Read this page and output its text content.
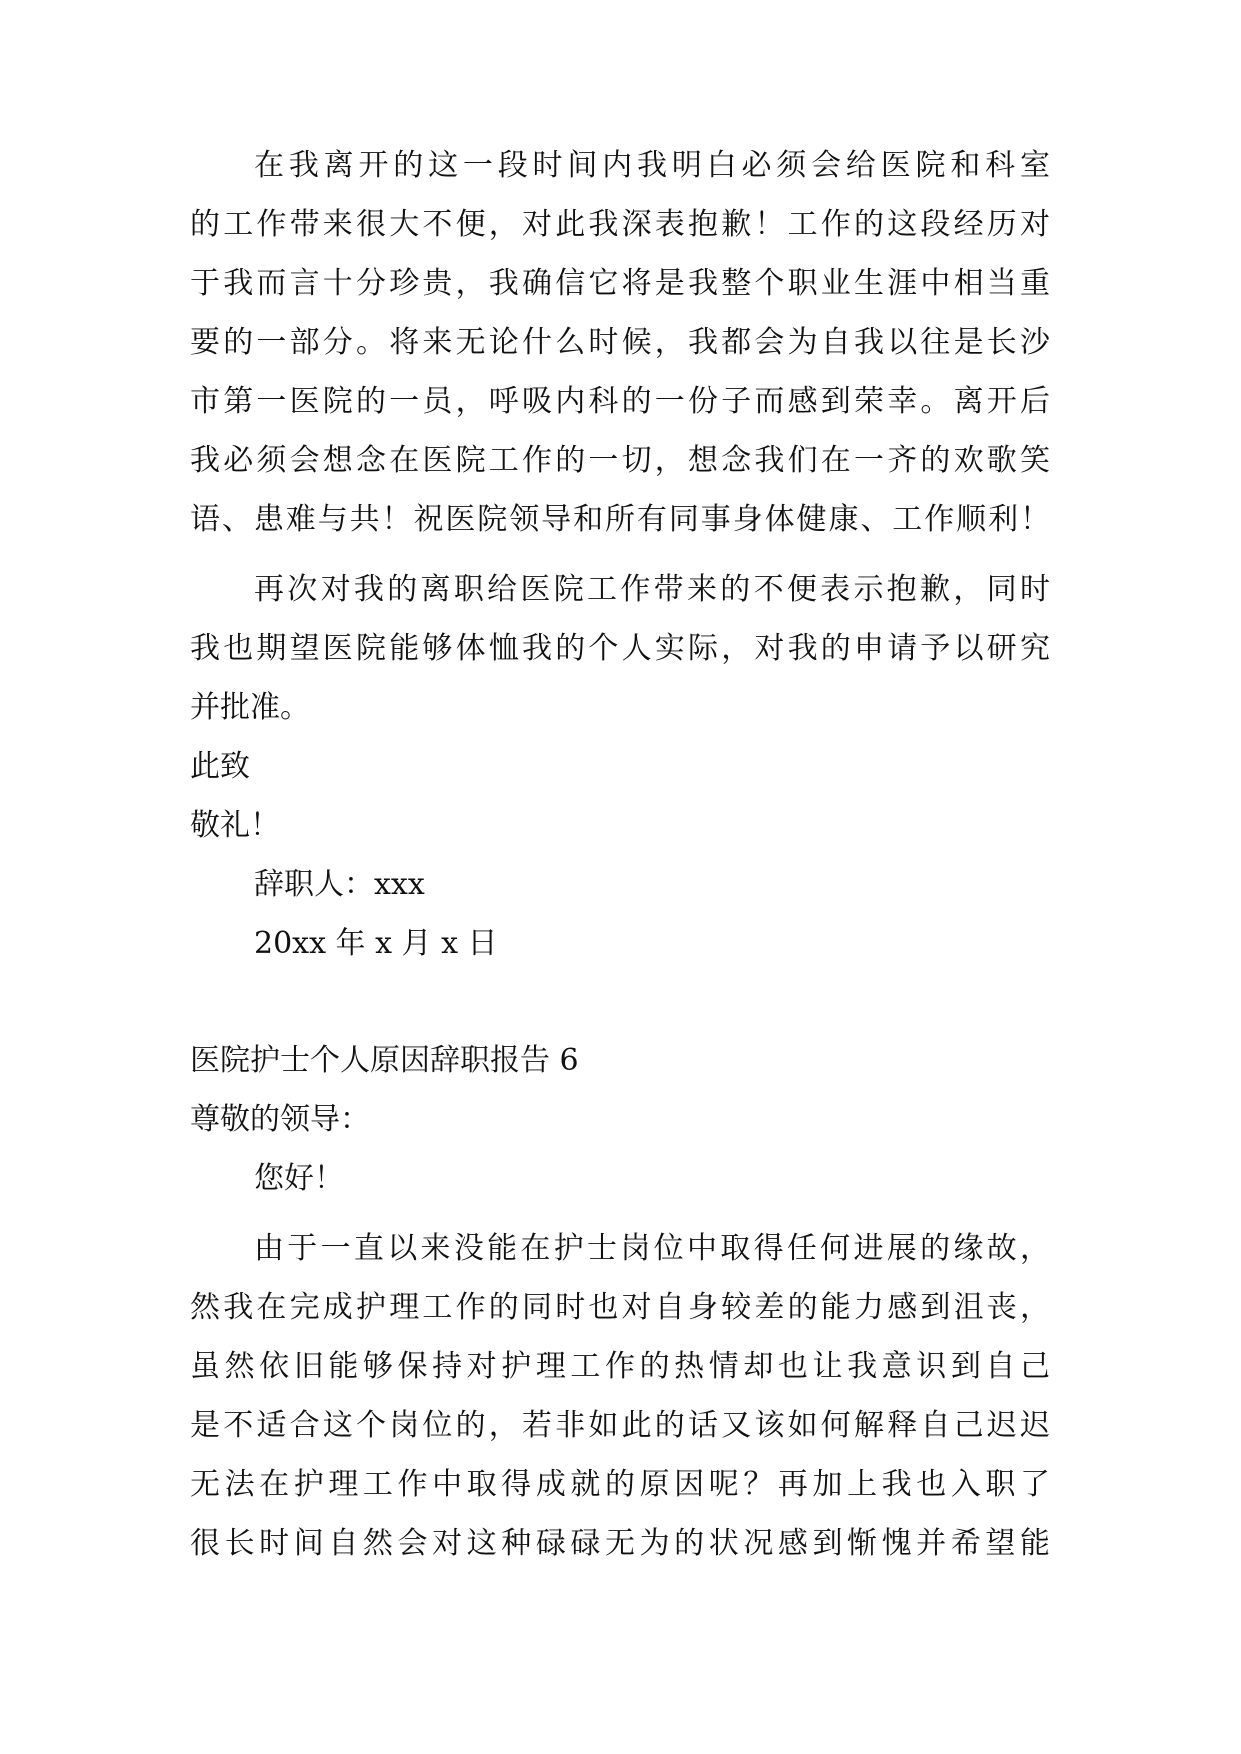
在我离开的这一段时间内我明白必须会给医院和科室
的工作带来很大不便，对此我深表抱歉！工作的这段经历对
于我而言十分珍贵，我确信它将是我整个职业生涯中相当重
要的一部分。将来无论什么时候，我都会为自我以往是长沙
市第一医院的一员，呼吸内科的一份子而感到荣幸。离开后
我必须会想念在医院工作的一切，想念我们在一齐的欢歌笑
语、患难与共！祝医院领导和所有同事身体健康、工作顺利！
再次对我的离职给医院工作带来的不便表示抱歉，同时
我也期望医院能够体恤我的个人实际，对我的申请予以研究
并批准。
此致
敬礼！
辞职人：xxx
20xx 年 x 月 x 日
医院护士个人原因辞职报告 6
尊敬的领导：
您好！
由于一直以来没能在护士岗位中取得任何进展的缘故，
然我在完成护理工作的同时也对自身较差的能力感到沮丧，
虽然依旧能够保持对护理工作的热情却也让我意识到自己
是不适合这个岗位的，若非如此的话又该如何解释自己迟迟
无法在护理工作中取得成就的原因呢？再加上我也入职了
很长时间自然会对这种碌碌无为的状况感到惭愧并希望能
